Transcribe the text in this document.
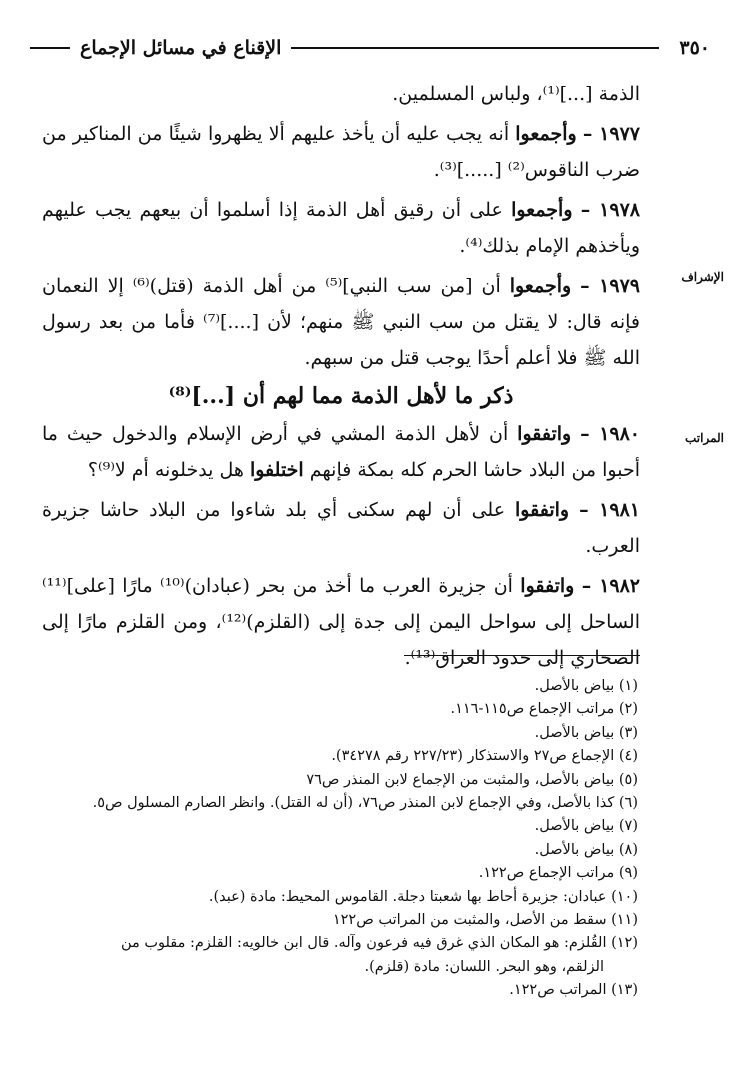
٣٥٠
الإقناع في مسائل الإجماع
الإشراف
المراتب

الذمة [...]⁽¹⁾، ولباس المسلمين.

١٩٧٧ – وأجمعوا أنه يجب عليه أن يأخذ عليهم ألا يظهروا شيئًا من المناكير من ضرب الناقوس⁽²⁾ [.....]⁽³⁾.

١٩٧٨ – وأجمعوا على أن رقيق أهل الذمة إذا أسلموا أن بيعهم يجب عليهم ويأخذهم الإمام بذلك⁽⁴⁾.

١٩٧٩ – وأجمعوا أن [من سب النبي]⁽⁵⁾ من أهل الذمة (قتل)⁽⁶⁾ إلا النعمان فإنه قال: لا يقتل من سب النبي ﷺ منهم؛ لأن [....]⁽⁷⁾ فأما من بعد رسول الله ﷺ فلا أعلم أحدًا يوجب قتل من سبهم.

ذكر ما لأهل الذمة مما لهم أن [...]⁽⁸⁾

١٩٨٠ – واتفقوا أن لأهل الذمة المشي في أرض الإسلام والدخول حيث ما أحبوا من البلاد حاشا الحرم كله بمكة فإنهم اختلفوا هل يدخلونه أم لا⁽⁹⁾؟

١٩٨١ – واتفقوا على أن لهم سكنى أي بلد شاءوا من البلاد حاشا جزيرة العرب.

١٩٨٢ – واتفقوا أن جزيرة العرب ما أخذ من بحر (عبادان)⁽¹⁰⁾ مارًا [على]⁽¹¹⁾ الساحل إلى سواحل اليمن إلى جدة إلى (القلزم)⁽¹²⁾، ومن القلزم مارًا إلى الصحاري إلى حدود العراق⁽¹³⁾.

(١) بياض بالأصل.

(٢) مراتب الإجماع ص١١٥-١١٦.

(٣) بياض بالأصل.

(٤) الإجماع ص٢٧ والاستذكار (٢٢٧/٢٣ رقم ٣٤٢٧٨).

(٥) بياض بالأصل، والمثبت من الإجماع لابن المنذر ص٧٦

(٦) كذا بالأصل، وفي الإجماع لابن المنذر ص٧٦، (أن له القتل). وانظر الصارم المسلول ص٥.

(٧) بياض بالأصل.

(٨) بياض بالأصل.

(٩) مراتب الإجماع ص١٢٢.

(١٠) عبادان: جزيرة أحاط بها شعبتا دجلة. القاموس المحيط: مادة (عبد).

(١١) سقط من الأصل، والمثبت من المراتب ص١٢٢

(١٢) القُلزم: هو المكان الذي غرق فيه فرعون وآله. قال ابن خالويه: القلزم: مقلوب من

الزلقم، وهو البحر. اللسان: مادة (قلزم).

(١٣) المراتب ص١٢٢.
